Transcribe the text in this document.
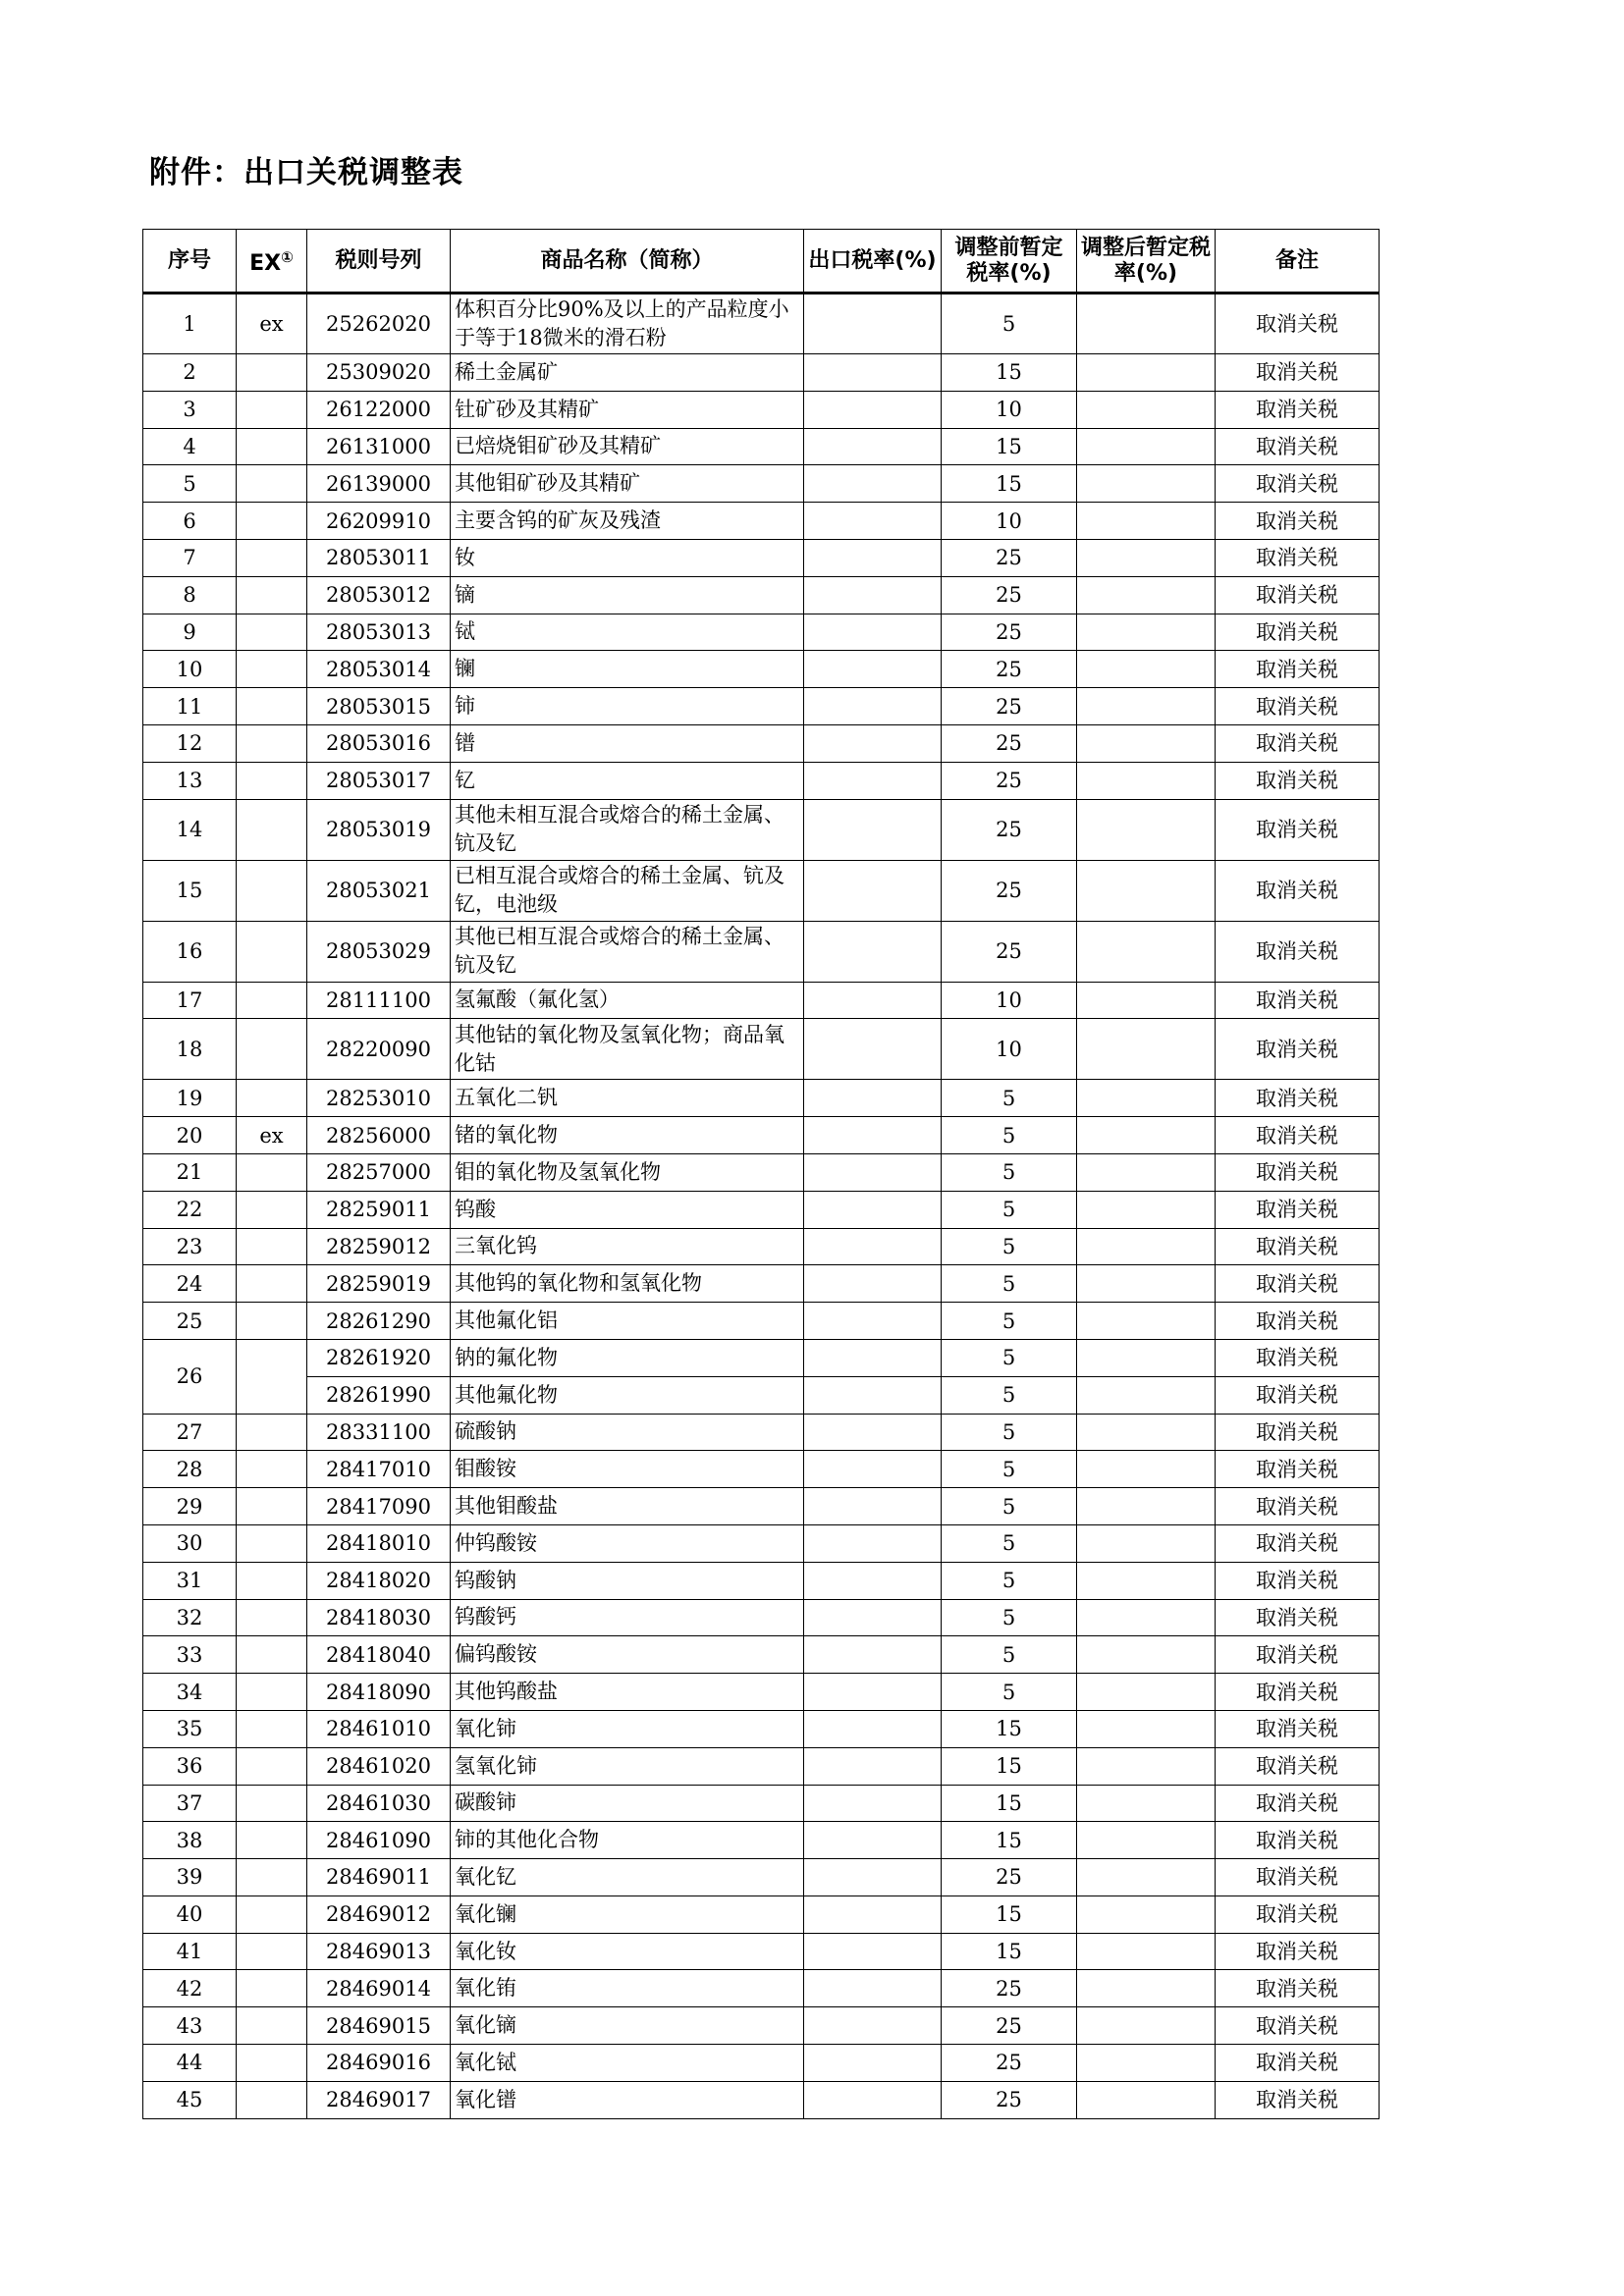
附件：出口关税调整表
序号	EX①	税则号列	商品名称（简称）	出口税率(%)	调整前暂定税率(%)	调整后暂定税率(%)	备注
1	ex	25262020	体积百分比90%及以上的产品粒度小于等于18微米的滑石粉		5		取消关税
2		25309020	稀土金属矿		15		取消关税
3		26122000	钍矿砂及其精矿		10		取消关税
4		26131000	已焙烧钼矿砂及其精矿		15		取消关税
5		26139000	其他钼矿砂及其精矿		15		取消关税
6		26209910	主要含钨的矿灰及残渣		10		取消关税
7		28053011	钕		25		取消关税
8		28053012	镝		25		取消关税
9		28053013	铽		25		取消关税
10		28053014	镧		25		取消关税
11		28053015	铈		25		取消关税
12		28053016	镨		25		取消关税
13		28053017	钇		25		取消关税
14		28053019	其他未相互混合或熔合的稀土金属、钪及钇		25		取消关税
15		28053021	已相互混合或熔合的稀土金属、钪及钇，电池级		25		取消关税
16		28053029	其他已相互混合或熔合的稀土金属、钪及钇		25		取消关税
17		28111100	氢氟酸（氟化氢）		10		取消关税
18		28220090	其他钴的氧化物及氢氧化物；商品氧化钴		10		取消关税
19		28253010	五氧化二钒		5		取消关税
20	ex	28256000	锗的氧化物		5		取消关税
21		28257000	钼的氧化物及氢氧化物		5		取消关税
22		28259011	钨酸		5		取消关税
23		28259012	三氧化钨		5		取消关税
24		28259019	其他钨的氧化物和氢氧化物		5		取消关税
25		28261290	其他氟化铝		5		取消关税
26		28261920	钠的氟化物		5		取消关税
		28261990	其他氟化物		5		取消关税
27		28331100	硫酸钠		5		取消关税
28		28417010	钼酸铵		5		取消关税
29		28417090	其他钼酸盐		5		取消关税
30		28418010	仲钨酸铵		5		取消关税
31		28418020	钨酸钠		5		取消关税
32		28418030	钨酸钙		5		取消关税
33		28418040	偏钨酸铵		5		取消关税
34		28418090	其他钨酸盐		5		取消关税
35		28461010	氧化铈		15		取消关税
36		28461020	氢氧化铈		15		取消关税
37		28461030	碳酸铈		15		取消关税
38		28461090	铈的其他化合物		15		取消关税
39		28469011	氧化钇		25		取消关税
40		28469012	氧化镧		15		取消关税
41		28469013	氧化钕		15		取消关税
42		28469014	氧化铕		25		取消关税
43		28469015	氧化镝		25		取消关税
44		28469016	氧化铽		25		取消关税
45		28469017	氧化镨		25		取消关税
